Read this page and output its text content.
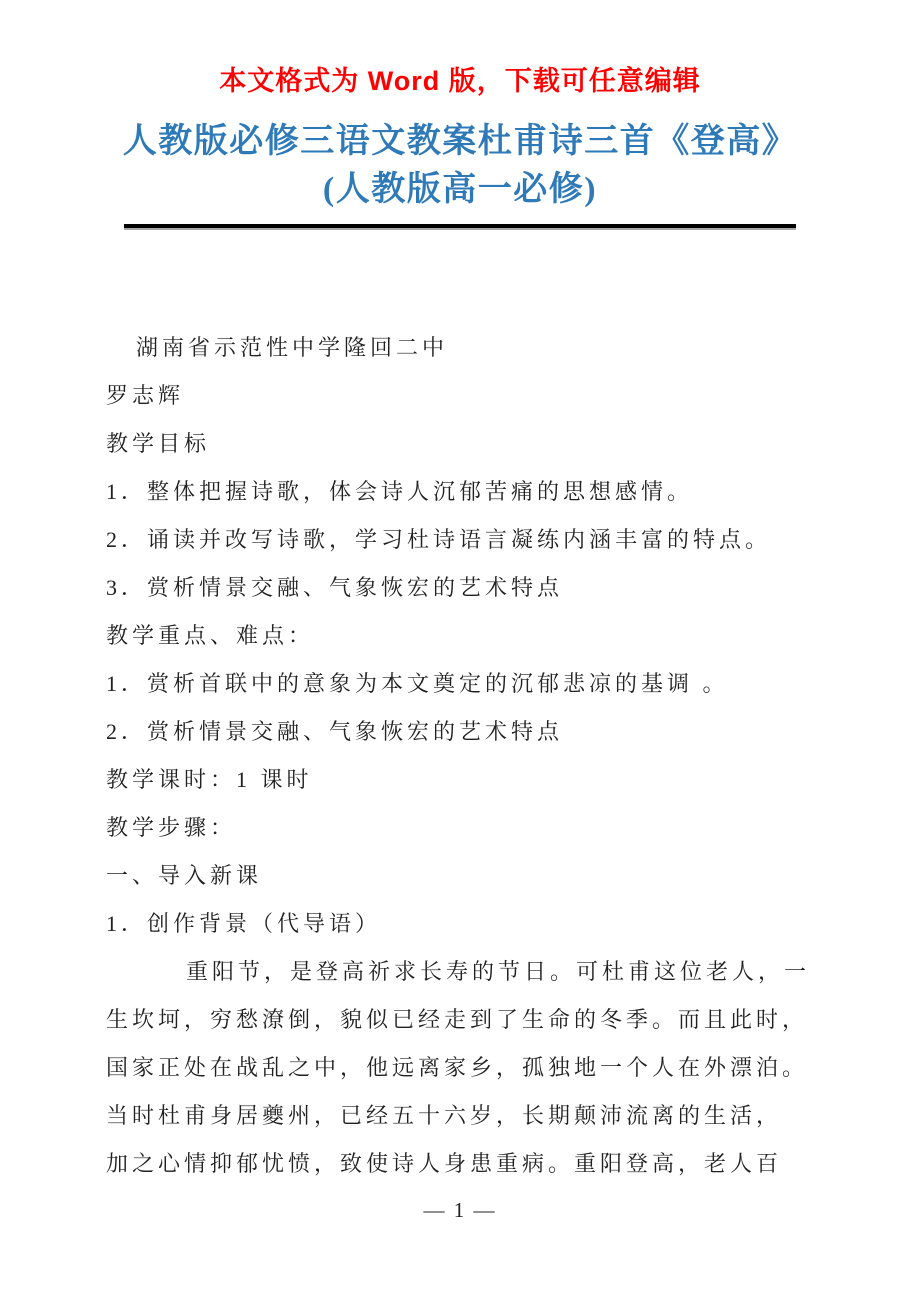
本文格式为 Word 版，下载可任意编辑
人教版必修三语文教案杜甫诗三首《登高》
(人教版高一必修)
湖南省示范性中学隆回二中
罗志辉
教学目标
1．整体把握诗歌，体会诗人沉郁苦痛的思想感情。
2．诵读并改写诗歌，学习杜诗语言凝练内涵丰富的特点。
3．赏析情景交融、气象恢宏的艺术特点
教学重点、难点：
1．赏析首联中的意象为本文奠定的沉郁悲凉的基调 。
2．赏析情景交融、气象恢宏的艺术特点
教学课时：1 课时
教学步骤：
一、导入新课
1．创作背景（代导语）
重阳节，是登高祈求长寿的节日。可杜甫这位老人，一
生坎坷，穷愁潦倒，貌似已经走到了生命的冬季。而且此时，
国家正处在战乱之中，他远离家乡，孤独地一个人在外漂泊。
当时杜甫身居夔州，已经五十六岁，长期颠沛流离的生活，
加之心情抑郁忧愤，致使诗人身患重病。重阳登高，老人百
— 1 —
